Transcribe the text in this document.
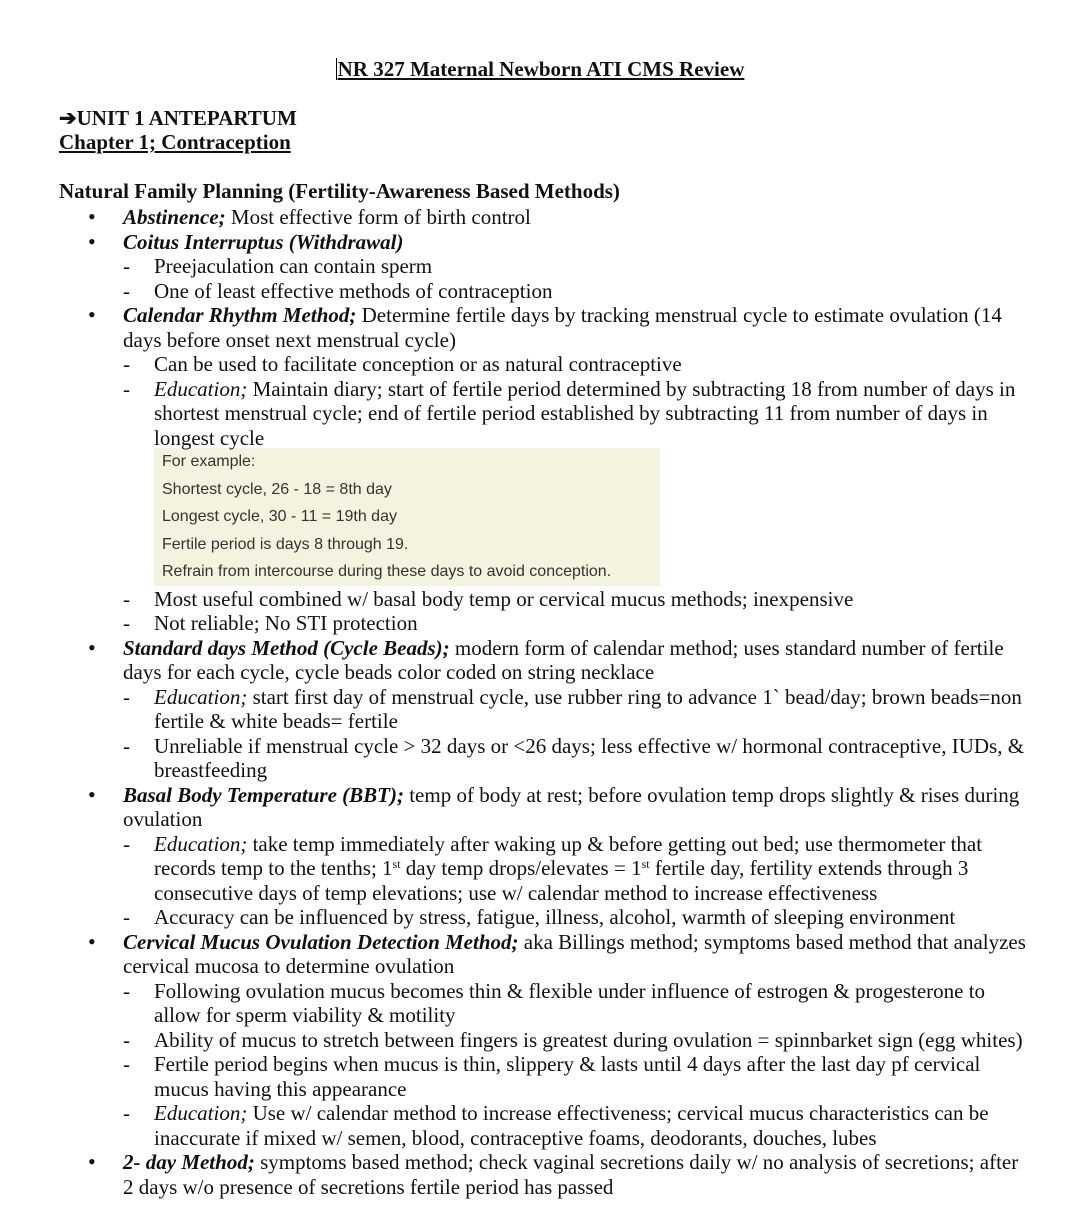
NR 327 Maternal Newborn ATI CMS Review
➔UNIT 1 ANTEPARTUM
Chapter 1; Contraception
Natural Family Planning (Fertility-Awareness Based Methods)
• Abstinence; Most effective form of birth control
• Coitus Interruptus (Withdrawal)
- Preejaculation can contain sperm
- One of least effective methods of contraception
• Calendar Rhythm Method; Determine fertile days by tracking menstrual cycle to estimate ovulation (14 days before onset next menstrual cycle)
- Can be used to facilitate conception or as natural contraceptive
- Education; Maintain diary; start of fertile period determined by subtracting 18 from number of days in shortest menstrual cycle; end of fertile period established by subtracting 11 from number of days in longest cycle
For example:
Shortest cycle, 26 - 18 = 8th day
Longest cycle, 30 - 11 = 19th day
Fertile period is days 8 through 19.
Refrain from intercourse during these days to avoid conception.
- Most useful combined w/ basal body temp or cervical mucus methods; inexpensive
- Not reliable; No STI protection
• Standard days Method (Cycle Beads); modern form of calendar method; uses standard number of fertile days for each cycle, cycle beads color coded on string necklace
- Education; start first day of menstrual cycle, use rubber ring to advance 1` bead/day; brown beads=non fertile & white beads= fertile
- Unreliable if menstrual cycle > 32 days or <26 days; less effective w/ hormonal contraceptive, IUDs, & breastfeeding
• Basal Body Temperature (BBT); temp of body at rest; before ovulation temp drops slightly & rises during ovulation
- Education; take temp immediately after waking up & before getting out bed; use thermometer that records temp to the tenths; 1st day temp drops/elevates = 1st fertile day, fertility extends through 3 consecutive days of temp elevations; use w/ calendar method to increase effectiveness
- Accuracy can be influenced by stress, fatigue, illness, alcohol, warmth of sleeping environment
• Cervical Mucus Ovulation Detection Method; aka Billings method; symptoms based method that analyzes cervical mucosa to determine ovulation
- Following ovulation mucus becomes thin & flexible under influence of estrogen & progesterone to allow for sperm viability & motility
- Ability of mucus to stretch between fingers is greatest during ovulation = spinnbarket sign (egg whites)
- Fertile period begins when mucus is thin, slippery & lasts until 4 days after the last day pf cervical mucus having this appearance
- Education; Use w/ calendar method to increase effectiveness; cervical mucus characteristics can be inaccurate if mixed w/ semen, blood, contraceptive foams, deodorants, douches, lubes
• 2- day Method; symptoms based method; check vaginal secretions daily w/ no analysis of secretions; after 2 days w/o presence of secretions fertile period has passed
